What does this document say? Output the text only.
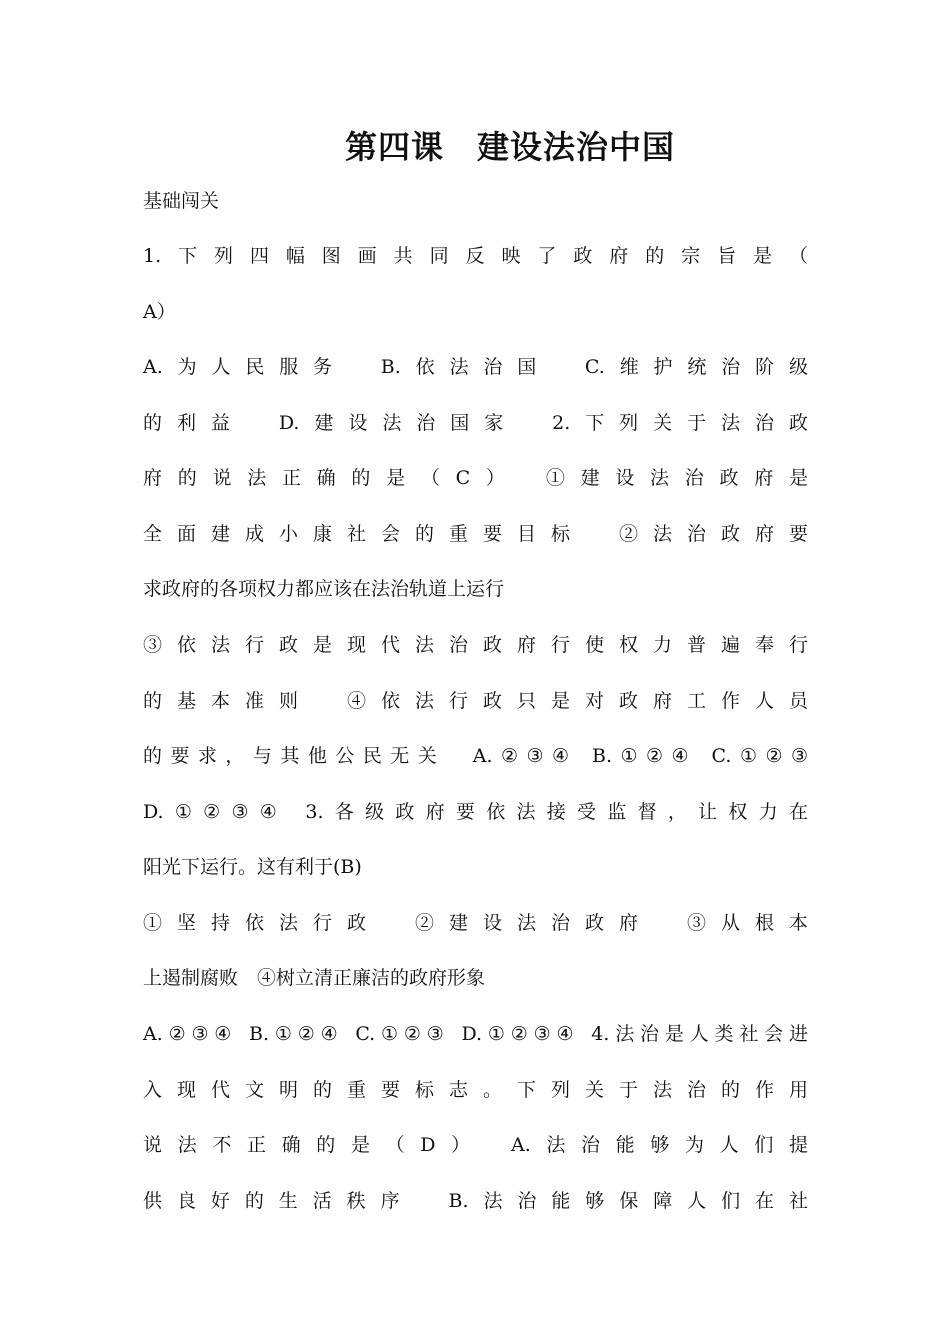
第四课　建设法治中国

基础闯关

1.下列四幅图画共同反映了政府的宗旨是（

A）

A.为人民服务　B.依法治国　C.维护统治阶级

的利益　D.建设法治国家　2.下列关于法治政

府的说法正确的是（C）　①建设法治政府是

全面建成小康社会的重要目标　②法治政府要

求政府的各项权力都应该在法治轨道上运行

③依法行政是现代法治政府行使权力普遍奉行

的基本准则　④依法行政只是对政府工作人员

的要求，与其他公民无关　A.②③④ B.①②④ C.①②③

D.①②③④ 3.各级政府要依法接受监督，让权力在

阳光下运行。这有利于(B)

①坚持依法行政　②建设法治政府　③从根本

上遏制腐败　④树立清正廉洁的政府形象

A.②③④ B.①②④ C.①②③ D.①②③④ 4.法治是人类社会进

入现代文明的重要标志。下列关于法治的作用

说法不正确的是（D）　A.法治能够为人们提

供良好的生活秩序　B.法治能够保障人们在社
